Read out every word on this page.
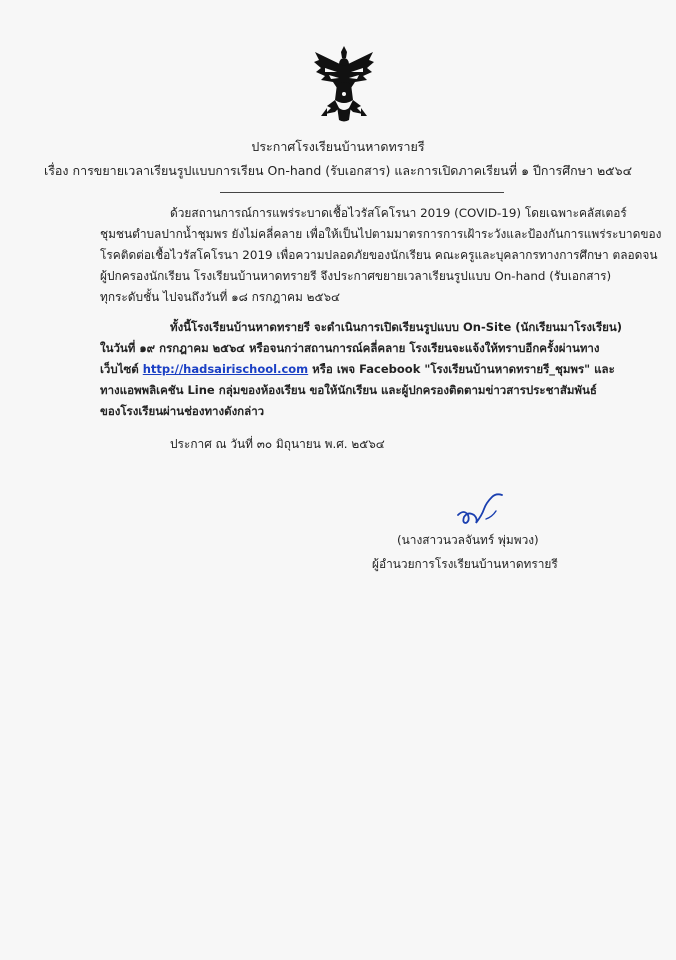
ประกาศโรงเรียนบ้านหาดทรายรี
เรื่อง การขยายเวลาเรียนรูปแบบการเรียน On-hand (รับเอกสาร) และการเปิดภาคเรียนที่ ๑ ปีการศึกษา ๒๕๖๔
ด้วยสถานการณ์การแพร่ระบาดเชื้อไวรัสโคโรนา 2019 (COVID-19) โดยเฉพาะคลัสเตอร์
ชุมชนตำบลปากน้ำชุมพร ยังไม่คลี่คลาย เพื่อให้เป็นไปตามมาตรการการเฝ้าระวังและป้องกันการแพร่ระบาดของ
โรคติดต่อเชื้อไวรัสโคโรนา 2019 เพื่อความปลอดภัยของนักเรียน คณะครูและบุคลากรทางการศึกษา ตลอดจน
ผู้ปกครองนักเรียน โรงเรียนบ้านหาดทรายรี จึงประกาศขยายเวลาเรียนรูปแบบ On-hand (รับเอกสาร)
ทุกระดับชั้น ไปจนถึงวันที่ ๑๘ กรกฎาคม ๒๕๖๔
ทั้งนี้โรงเรียนบ้านหาดทรายรี จะดำเนินการเปิดเรียนรูปแบบ On-Site (นักเรียนมาโรงเรียน)
ในวันที่ ๑๙ กรกฎาคม ๒๕๖๔ หรือจนกว่าสถานการณ์คลี่คลาย โรงเรียนจะแจ้งให้ทราบอีกครั้งผ่านทาง
เว็บไซต์ http://hadsairischool.com หรือ เพจ Facebook "โรงเรียนบ้านหาดทรายรี_ชุมพร" และ
ทางแอพพลิเคชัน Line กลุ่มของห้องเรียน ขอให้นักเรียน และผู้ปกครองติดตามข่าวสารประชาสัมพันธ์
ของโรงเรียนผ่านช่องทางดังกล่าว
ประกาศ ณ วันที่ ๓๐ มิถุนายน พ.ศ. ๒๕๖๔
(นางสาวนวลจันทร์ พุ่มพวง)
ผู้อำนวยการโรงเรียนบ้านหาดทรายรี
